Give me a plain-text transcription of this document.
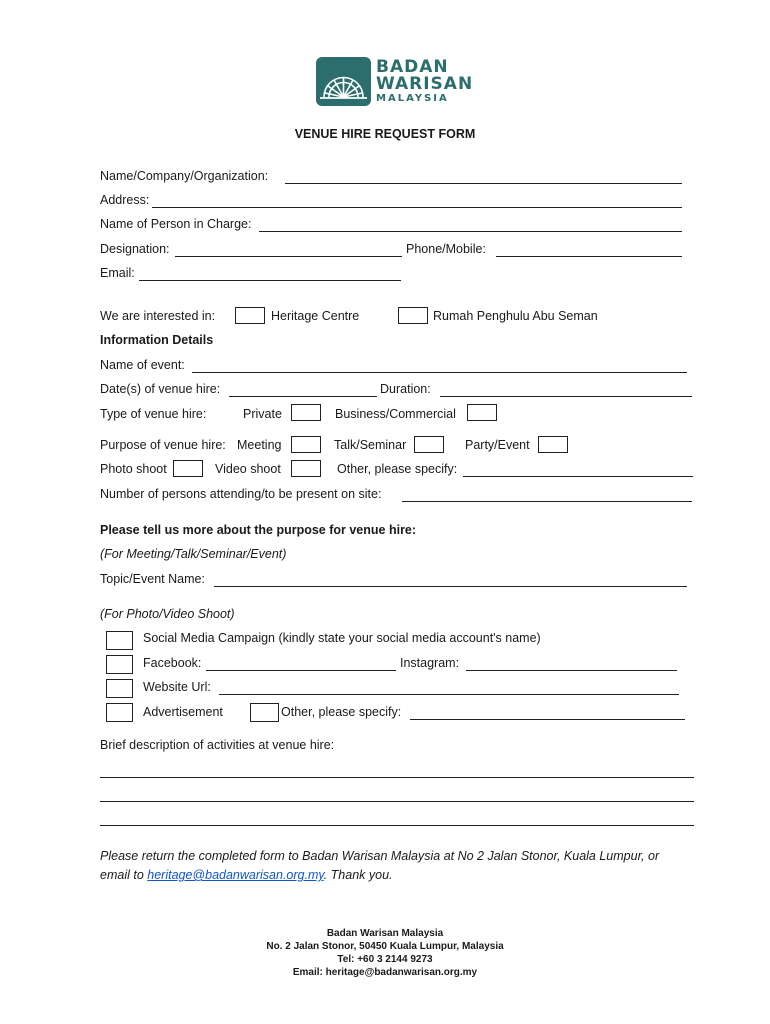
BADAN
WARISAN
MALAYSIA
VENUE HIRE REQUEST FORM
Name/Company/Organization:
Address:
Name of Person in Charge:
Designation:	Phone/Mobile:
Email:
We are interested in:	Heritage Centre	Rumah Penghulu Abu Seman
Information Details
Name of event:
Date(s) of venue hire:	Duration:
Type of venue hire:	Private	Business/Commercial
Purpose of venue hire: Meeting	Talk/Seminar	Party/Event
Photo shoot	Video shoot	Other, please specify:
Number of persons attending/to be present on site:
Please tell us more about the purpose for venue hire:
(For Meeting/Talk/Seminar/Event)
Topic/Event Name:
(For Photo/Video Shoot)
Social Media Campaign (kindly state your social media account's name)
Facebook:	Instagram:
Website Url:
Advertisement	Other, please specify:
Brief description of activities at venue hire:
Please return the completed form to Badan Warisan Malaysia at No 2 Jalan Stonor, Kuala Lumpur, or
email to heritage@badanwarisan.org.my. Thank you.
Badan Warisan Malaysia
No. 2 Jalan Stonor, 50450 Kuala Lumpur, Malaysia
Tel: +60 3 2144 9273
Email: heritage@badanwarisan.org.my
